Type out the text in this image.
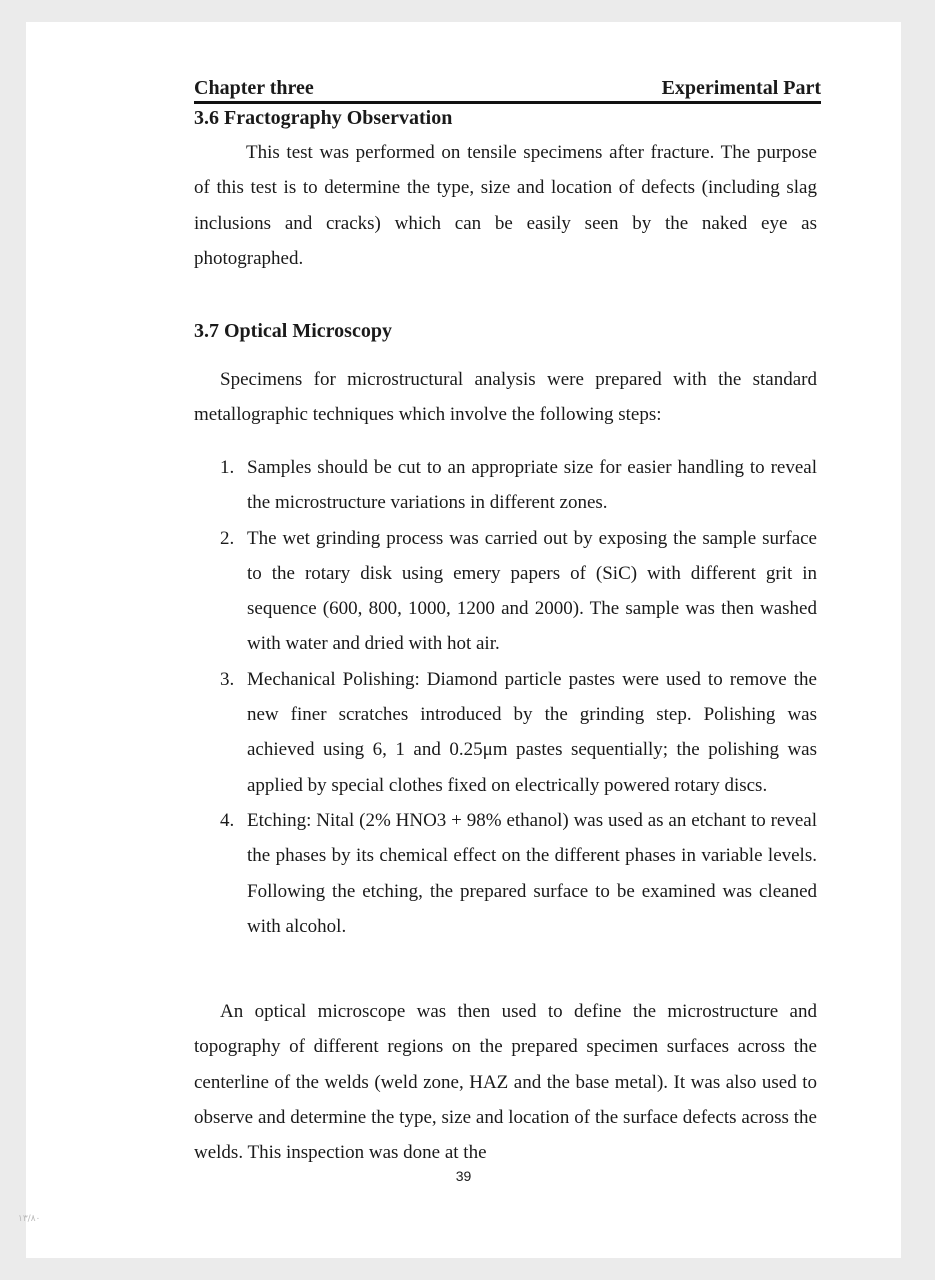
Chapter three	Experimental Part
3.6 Fractography Observation

This test was performed on tensile specimens after fracture. The purpose of this test is to determine the type, size and location of defects (including slag inclusions and cracks) which can be easily seen by the naked eye as photographed.

3.7 Optical Microscopy

Specimens for microstructural analysis were prepared with the standard metallographic techniques which involve the following steps:

1. Samples should be cut to an appropriate size for easier handling to reveal the microstructure variations in different zones.
2. The wet grinding process was carried out by exposing the sample surface to the rotary disk using emery papers of (SiC) with different grit in sequence (600, 800, 1000, 1200 and 2000). The sample was then washed with water and dried with hot air.
3. Mechanical Polishing: Diamond particle pastes were used to remove the new finer scratches introduced by the grinding step. Polishing was achieved using 6, 1 and 0.25μm pastes sequentially; the polishing was applied by special clothes fixed on electrically powered rotary discs.
4. Etching: Nital (2% HNO3 + 98% ethanol) was used as an etchant to reveal the phases by its chemical effect on the different phases in variable levels. Following the etching, the prepared surface to be examined was cleaned with alcohol.

An optical microscope was then used to define the microstructure and topography of different regions on the prepared specimen surfaces across the centerline of the welds (weld zone, HAZ and the base metal). It was also used to observe and determine the type, size and location of the surface defects across the welds. This inspection was done at the

39
١٣/٨٠
